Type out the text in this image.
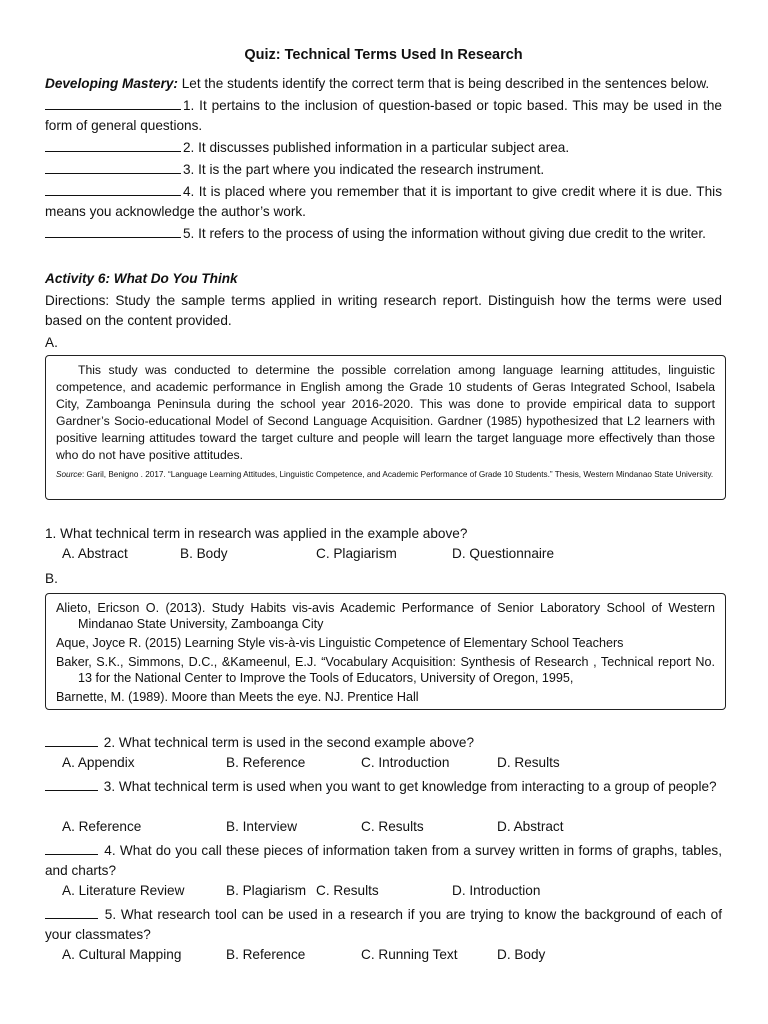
Quiz: Technical Terms Used In Research
Developing Mastery: Let the students identify the correct term that is being described in the sentences below.
1. It pertains to the inclusion of question-based or topic based. This may be used in the form of general questions.
2. It discusses published information in a particular subject area.
3. It is the part where you indicated the research instrument.
4. It is placed where you remember that it is important to give credit where it is due. This means you acknowledge the author’s work.
5. It refers to the process of using the information without giving due credit to the writer.
Activity 6: What Do You Think
Directions: Study the sample terms applied in writing research report. Distinguish how the terms were used based on the content provided.
A.
This study was conducted to determine the possible correlation among language learning attitudes, linguistic competence, and academic performance in English among the Grade 10 students of Geras Integrated School, Isabela City, Zamboanga Peninsula during the school year 2016-2020. This was done to provide empirical data to support Gardner’s Socio-educational Model of Second Language Acquisition. Gardner (1985) hypothesized that L2 learners with positive learning attitudes toward the target culture and people will learn the target language more effectively than those who do not have positive attitudes.
Source: Garil, Benigno . 2017. “Language Learning Attitudes, Linguistic Competence, and Academic Performance of Grade 10 Students.” Thesis, Western Mindanao State University.
1. What technical term in research was applied in the example above?
A. Abstract	B. Body	C. Plagiarism	D. Questionnaire
B.
Alieto, Ericson O. (2013). Study Habits vis-avis Academic Performance of Senior Laboratory School of Western Mindanao State University, Zamboanga City
Aque, Joyce R. (2015) Learning Style vis-à-vis Linguistic Competence of Elementary School Teachers
Baker, S.K., Simmons, D.C., &Kameenul, E.J. “Vocabulary Acquisition: Synthesis of Research , Technical report No. 13 for the National Center to Improve the Tools of Educators, University of Oregon, 1995,
Barnette, M. (1989). Moore than Meets the eye. NJ. Prentice Hall
2. What technical term is used in the second example above?
A. Appendix	B. Reference	C. Introduction	D. Results
3. What technical term is used when you want to get knowledge from interacting to a group of people?
A. Reference	B. Interview	C. Results	D. Abstract
4. What do you call these pieces of information taken from a survey written in forms of graphs, tables, and charts?
A. Literature Review	B. Plagiarism C. Results	D. Introduction
5. What research tool can be used in a research if you are trying to know the background of each of your classmates?
A. Cultural Mapping	B. Reference	C. Running Text	D. Body
